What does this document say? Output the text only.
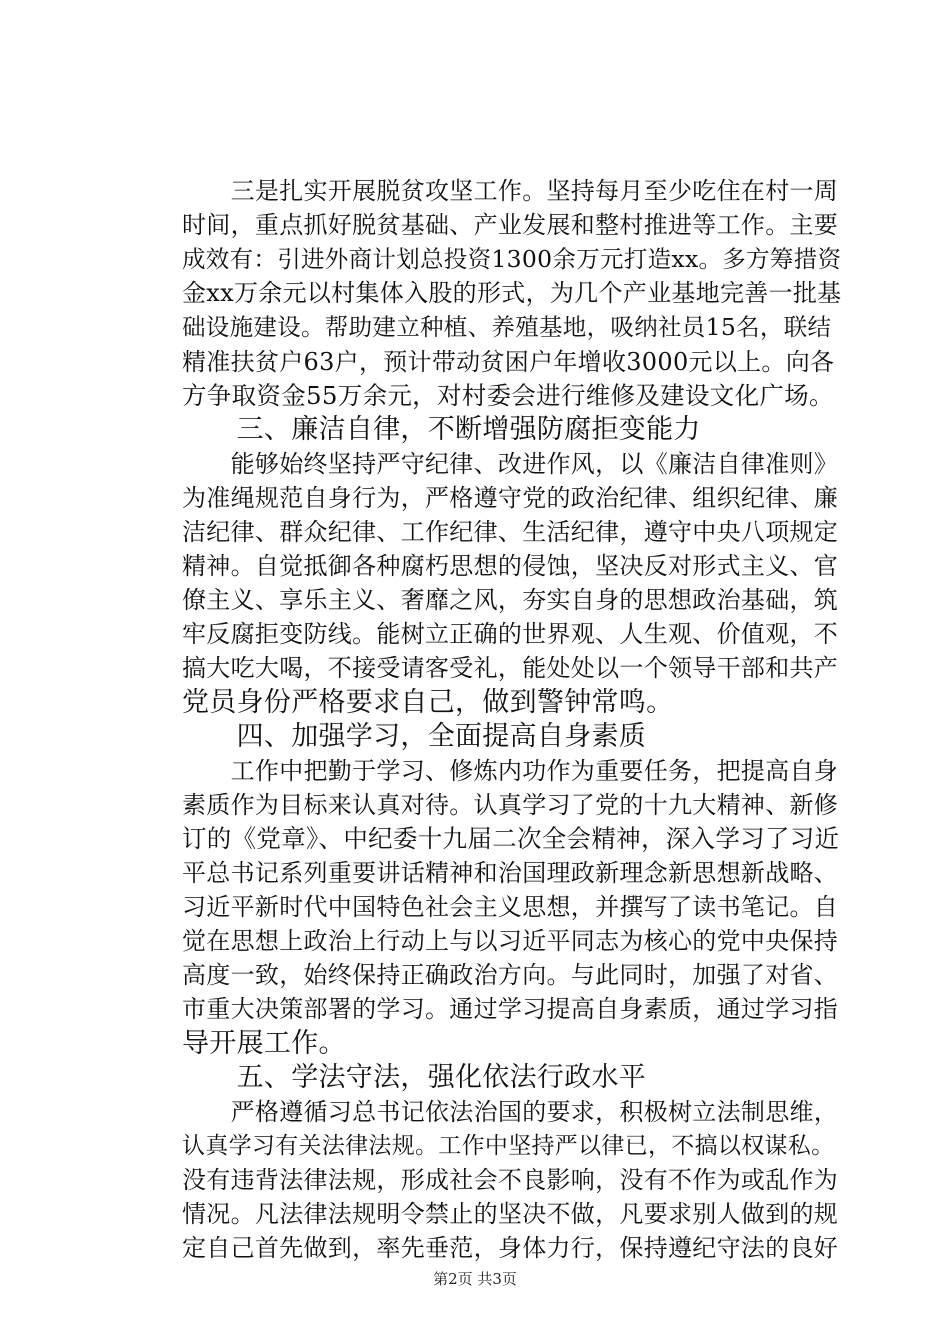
　　三是扎实开展脱贫攻坚工作。坚持每月至少吃住在村一周
时间，重点抓好脱贫基础、产业发展和整村推进等工作。主要
成效有：引进外商计划总投资1300余万元打造xx。多方筹措资
金xx万余元以村集体入股的形式，为几个产业基地完善一批基
础设施建设。帮助建立种植、养殖基地，吸纳社员15名，联结
精准扶贫户63户，预计带动贫困户年增收3000元以上。向各
方争取资金55万余元，对村委会进行维修及建设文化广场。
　　三、廉洁自律，不断增强防腐拒变能力
　　能够始终坚持严守纪律、改进作风，以《廉洁自律准则》
为准绳规范自身行为，严格遵守党的政治纪律、组织纪律、廉
洁纪律、群众纪律、工作纪律、生活纪律，遵守中央八项规定
精神。自觉抵御各种腐朽思想的侵蚀，坚决反对形式主义、官
僚主义、享乐主义、奢靡之风，夯实自身的思想政治基础，筑
牢反腐拒变防线。能树立正确的世界观、人生观、价值观，不
搞大吃大喝，不接受请客受礼，能处处以一个领导干部和共产
党员身份严格要求自己，做到警钟常鸣。
　　四、加强学习，全面提高自身素质
　　工作中把勤于学习、修炼内功作为重要任务，把提高自身
素质作为目标来认真对待。认真学习了党的十九大精神、新修
订的《党章》、中纪委十九届二次全会精神，深入学习了习近
平总书记系列重要讲话精神和治国理政新理念新思想新战略、
习近平新时代中国特色社会主义思想，并撰写了读书笔记。自
觉在思想上政治上行动上与以习近平同志为核心的党中央保持
高度一致，始终保持正确政治方向。与此同时，加强了对省、
市重大决策部署的学习。通过学习提高自身素质，通过学习指
导开展工作。
　　五、学法守法，强化依法行政水平
　　严格遵循习总书记依法治国的要求，积极树立法制思维，
认真学习有关法律法规。工作中坚持严以律已，不搞以权谋私。
没有违背法律法规，形成社会不良影响，没有不作为或乱作为
情况。凡法律法规明令禁止的坚决不做，凡要求别人做到的规
定自己首先做到，率先垂范，身体力行，保持遵纪守法的良好
第2页 共3页
